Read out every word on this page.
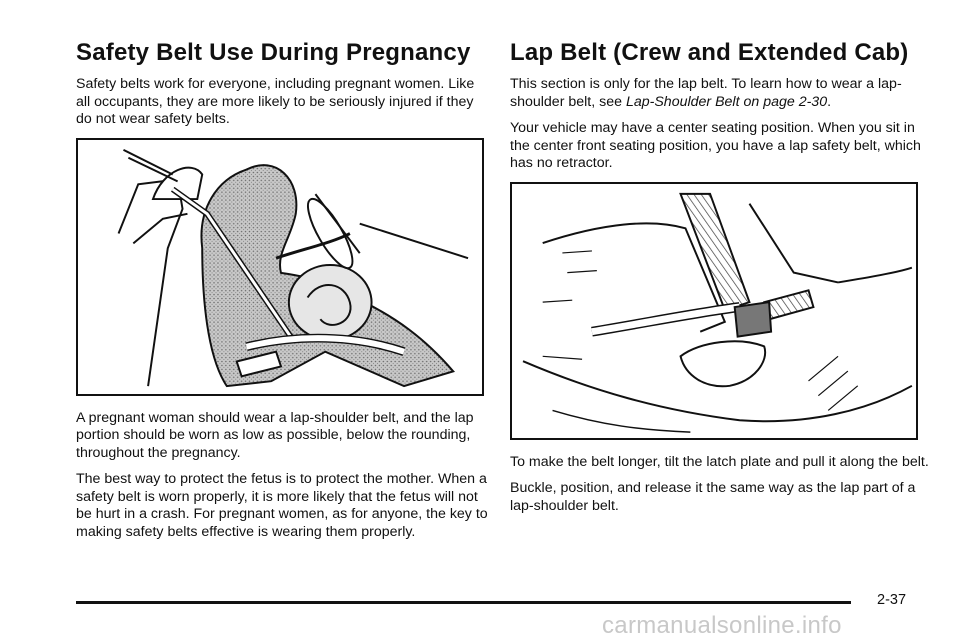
Safety Belt Use During Pregnancy

Safety belts work for everyone, including pregnant women. Like all occupants, they are more likely to be seriously injured if they do not wear safety belts.

A pregnant woman should wear a lap-shoulder belt, and the lap portion should be worn as low as possible, below the rounding, throughout the pregnancy.

The best way to protect the fetus is to protect the mother. When a safety belt is worn properly, it is more likely that the fetus will not be hurt in a crash. For pregnant women, as for anyone, the key to making safety belts effective is wearing them properly.

Lap Belt (Crew and Extended Cab)

This section is only for the lap belt. To learn how to wear a lap-shoulder belt, see Lap-Shoulder Belt on page 2-30.

Your vehicle may have a center seating position. When you sit in the center front seating position, you have a lap safety belt, which has no retractor.

To make the belt longer, tilt the latch plate and pull it along the belt.

Buckle, position, and release it the same way as the lap part of a lap-shoulder belt.

2-37
carmanualsonline.info
